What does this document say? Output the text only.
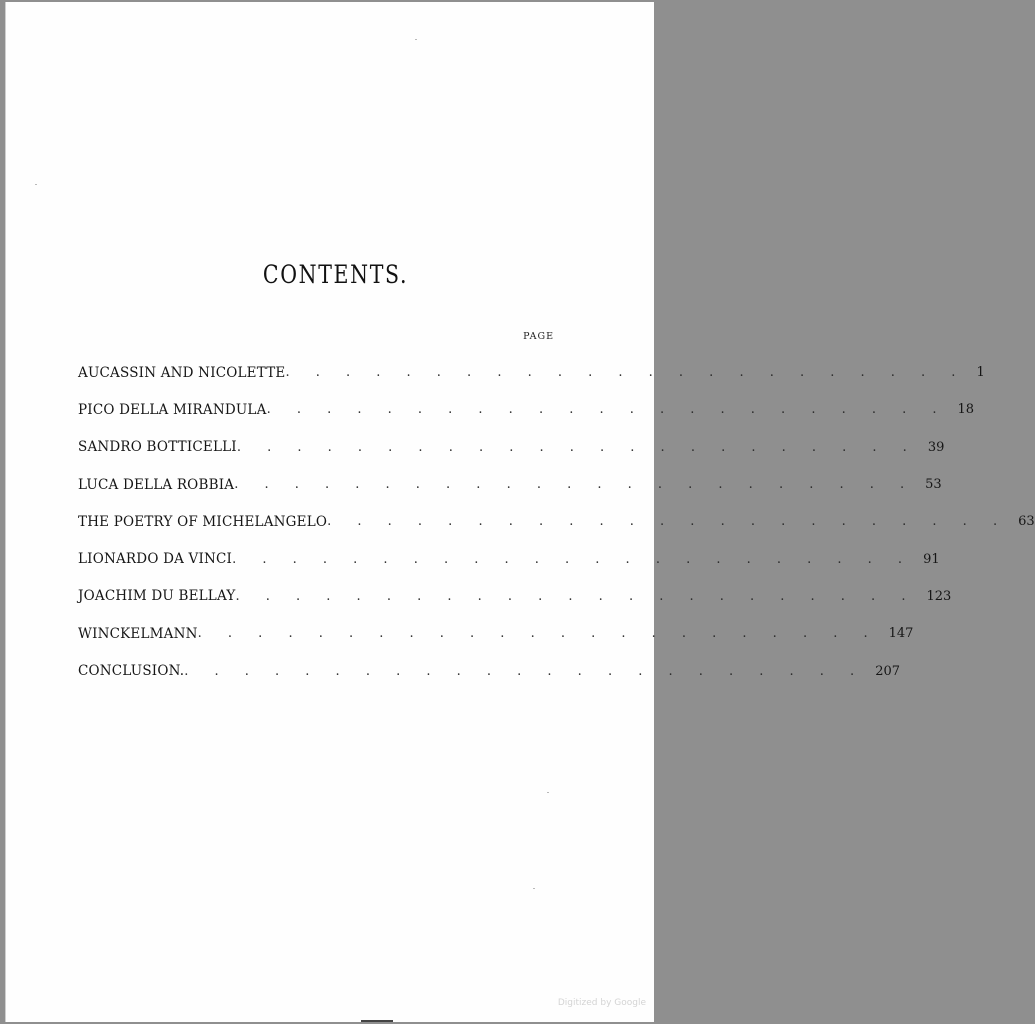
CONTENTS.
PAGE
AUCASSIN AND NICOLETTE . . . . . . . . . . . . . . . . . . . . . . . 1
PICO DELLA MIRANDULA . . . . . . . . . . . . . . . . . . . . . . . 18
SANDRO BOTTICELLI . . . . . . . . . . . . . . . . . . . . . . . 39
LUCA DELLA ROBBIA . . . . . . . . . . . . . . . . . . . . . . . 53
THE POETRY OF MICHELANGELO . . . . . . . . . . . . . . . . . . . . . . . 63
LIONARDO DA VINCI . . . . . . . . . . . . . . . . . . . . . . . 91
JOACHIM DU BELLAY . . . . . . . . . . . . . . . . . . . . . . . 123
WINCKELMANN . . . . . . . . . . . . . . . . . . . . . . . 147
CONCLUSION. . . . . . . . . . . . . . . . . . . . . . . . 207
Digitized by Google
